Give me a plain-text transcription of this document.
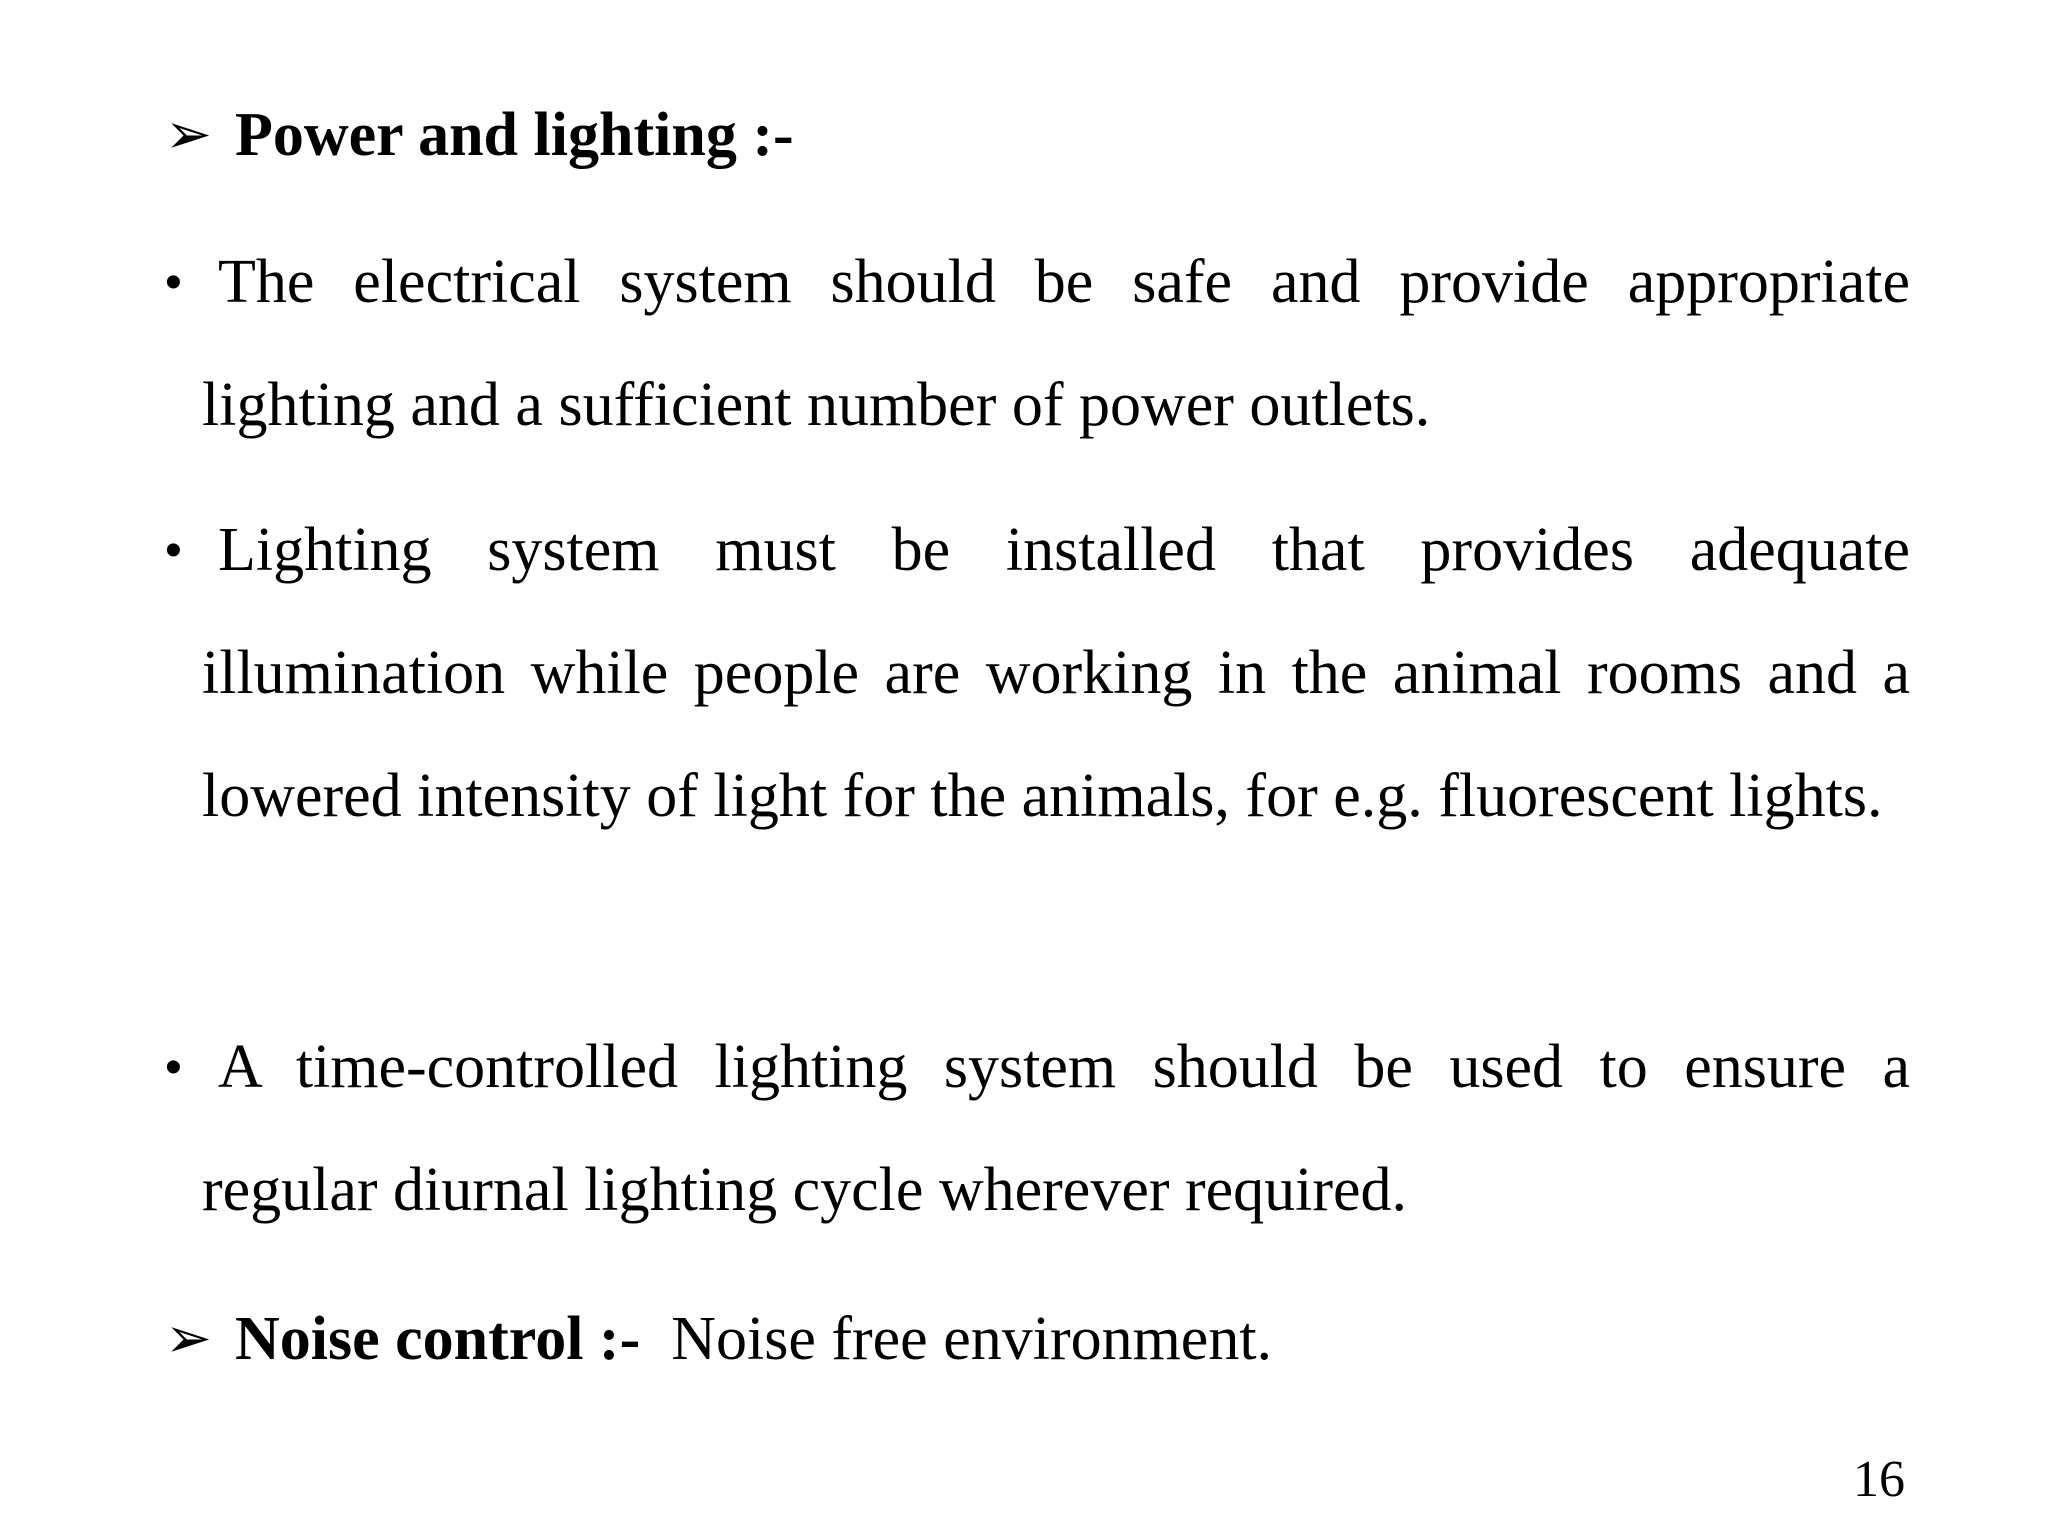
➢ Power and lighting :-
• The electrical system should be safe and provide appropriate lighting and a sufficient number of power outlets.
• Lighting system must be installed that provides adequate illumination while people are working in the animal rooms and a lowered intensity of light for the animals, for e.g. fluorescent lights.
• A time-controlled lighting system should be used to ensure a regular diurnal lighting cycle wherever required.
➢ Noise control :- Noise free environment.
16
